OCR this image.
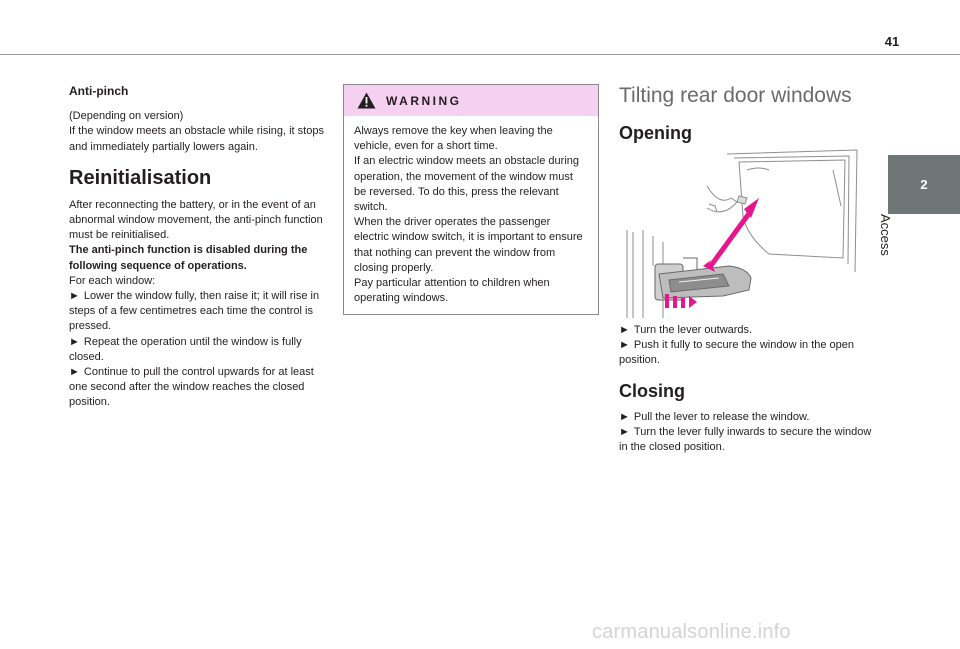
41
2
Access

Anti-pinch

(Depending on version)

If the window meets an obstacle while rising, it stops and immediately partially lowers again.

Reinitialisation

After reconnecting the battery, or in the event of an abnormal window movement, the anti-pinch function must be reinitialised.

The anti-pinch function is disabled during the following sequence of operations.

For each window:

► Lower the window fully, then raise it; it will rise in steps of a few centimetres each time the control is pressed.

► Repeat the operation until the window is fully closed.

► Continue to pull the control upwards for at least one second after the window reaches the closed position.

WARNING

Always remove the key when leaving the vehicle, even for a short time.

If an electric window meets an obstacle during operation, the movement of the window must be reversed. To do this, press the relevant switch.

When the driver operates the passenger electric window switch, it is important to ensure that nothing can prevent the window from closing properly.

Pay particular attention to children when operating windows.

Tilting rear door windows

Opening

► Turn the lever outwards.

► Push it fully to secure the window in the open position.

Closing

► Pull the lever to release the window.

► Turn the lever fully inwards to secure the window in the closed position.

carmanualsonline.info
